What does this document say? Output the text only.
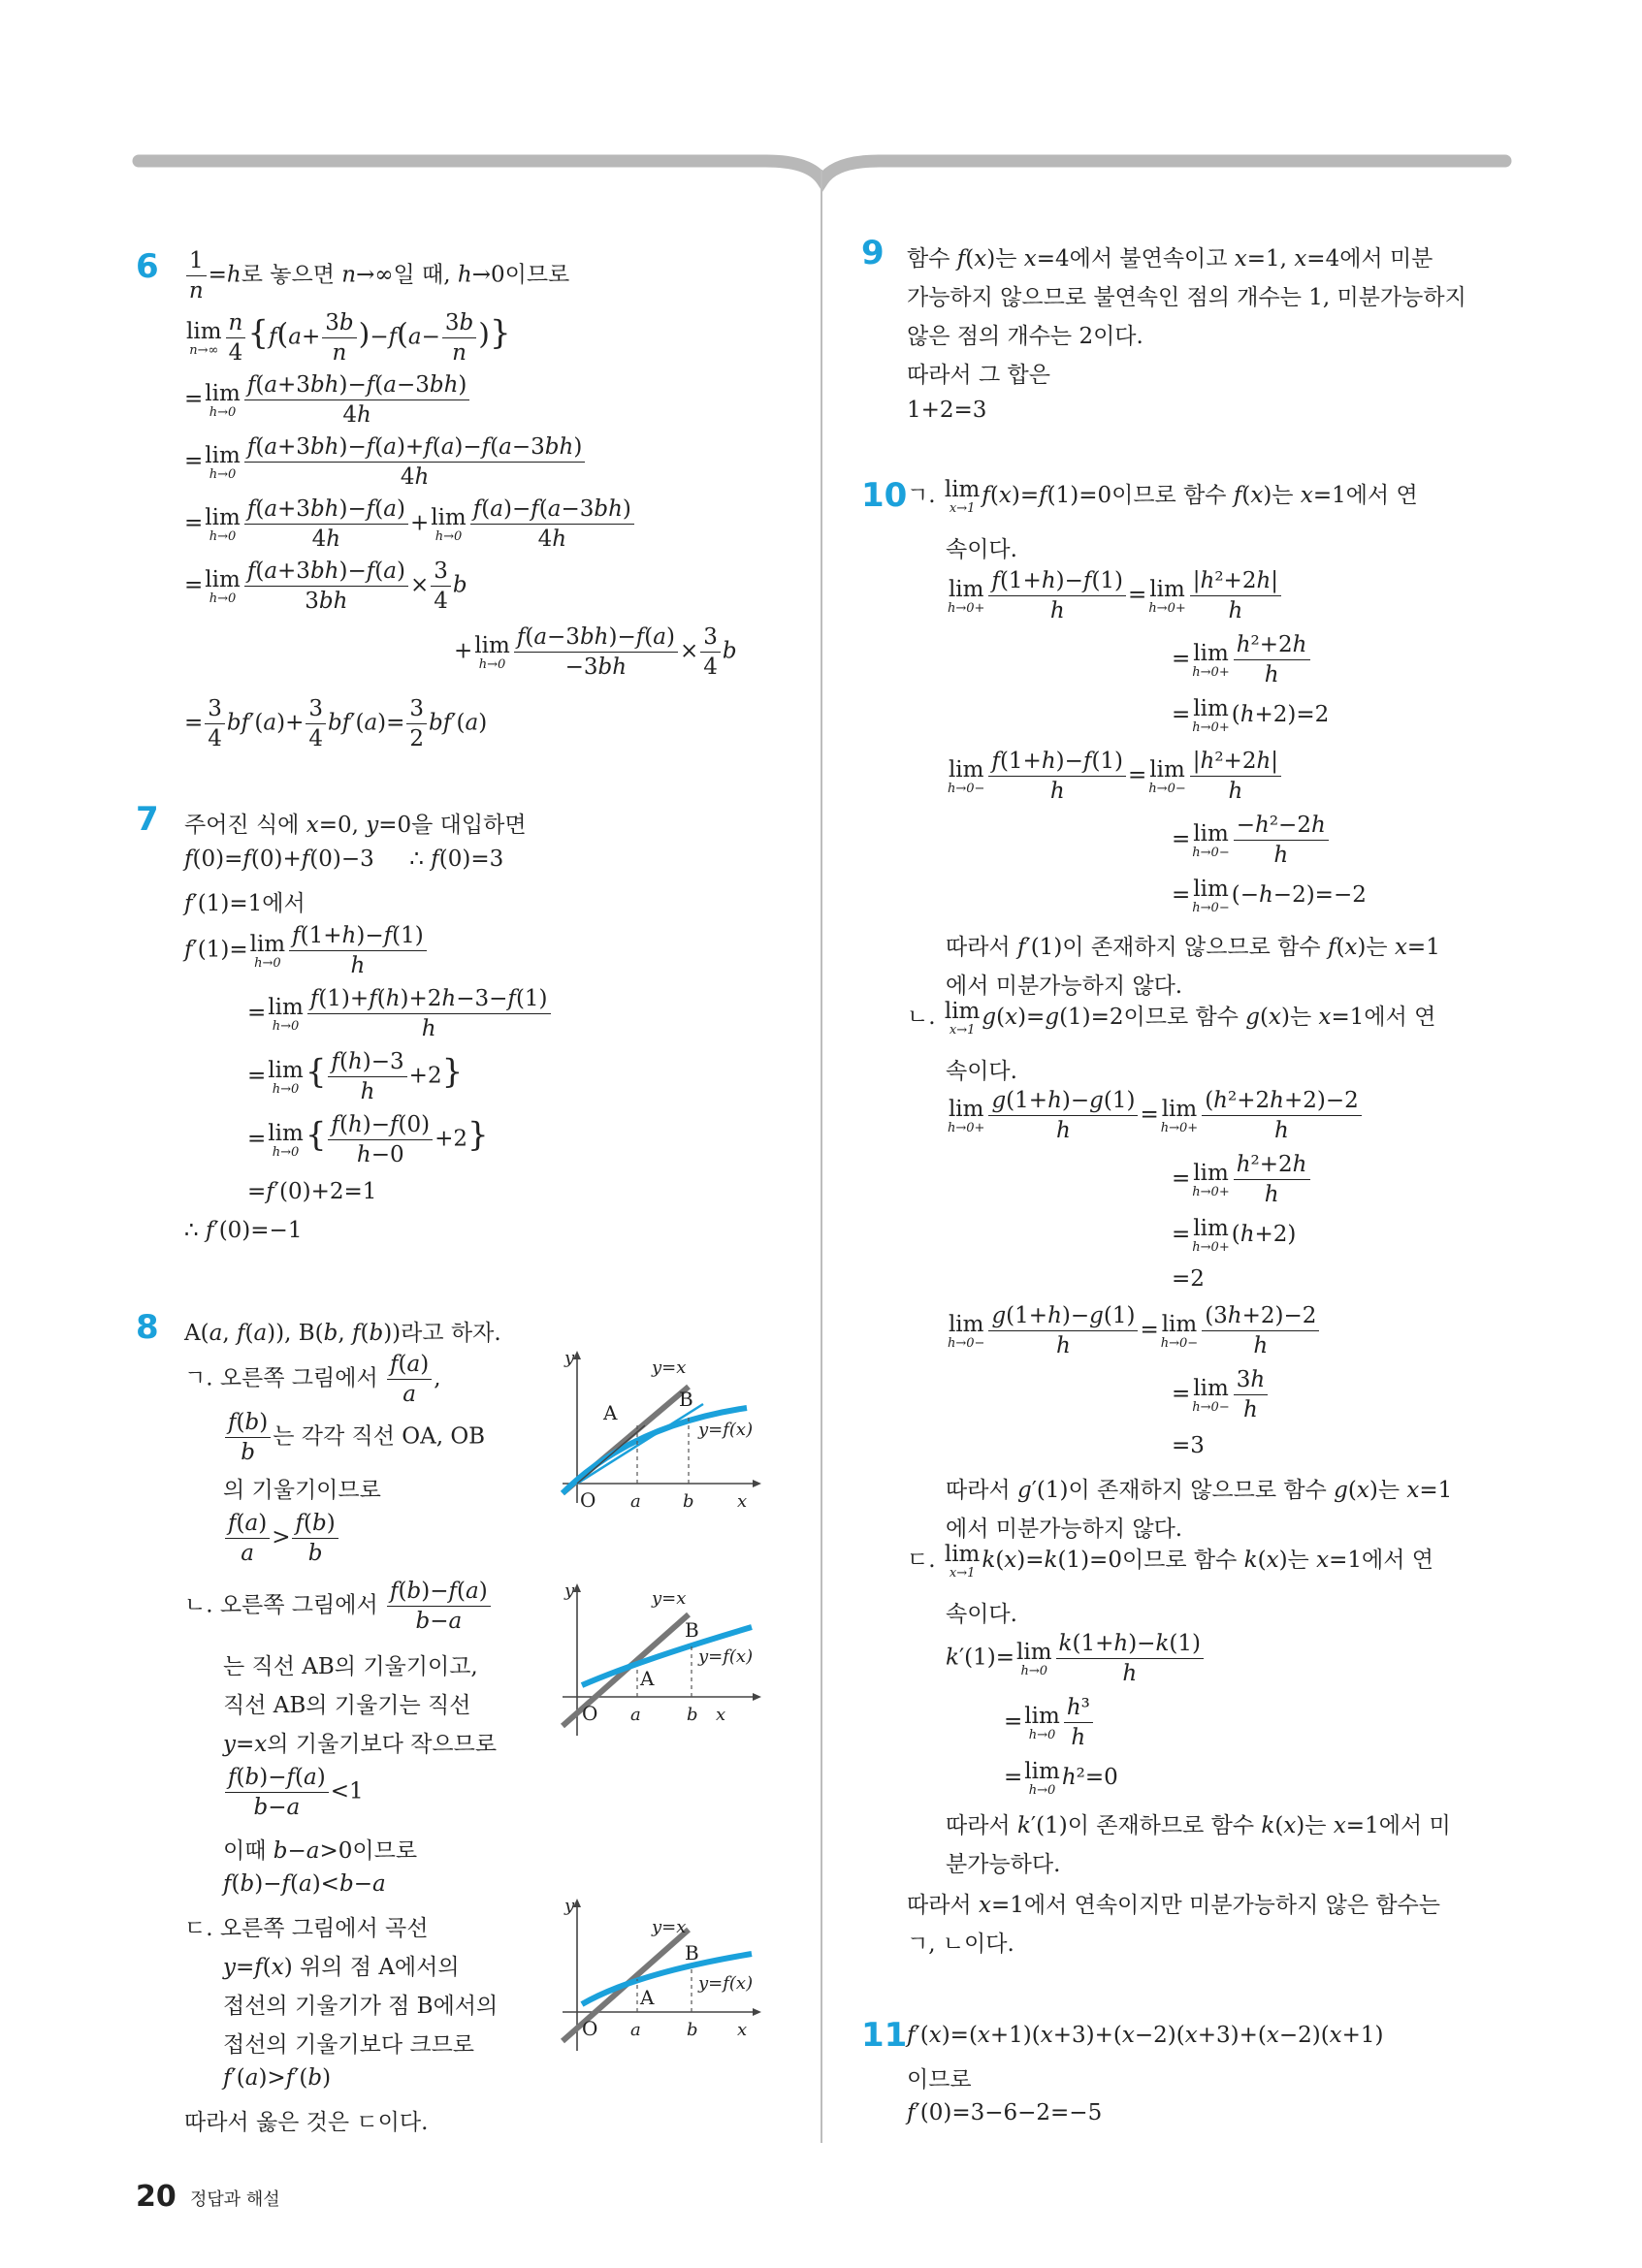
$6 \frac{1}{n} =h$로 놓으면 n→∞일 때, h→0이므로
lim
$n\to\infty \frac{n}{4} \{f(a+ \frac{3b}{n} )-f(a- \frac{3b}{n}$ )}
= lim
$h\to 0 \frac{f(a+3bh)-f(a-3bh)}{4h}$
= lim
$h\to 0 \frac{f(a+3bh)-f(a)+f(a)-f(a-3bh)}{4h}$
= lim
$h\to 0 \frac{f(a+3bh)-f(a)}{4h} + \lim$
$h\to 0 \frac{f(a)-f(a-3bh)}{4h}$
= lim
$h\to 0 \frac{f(a+3bh)-f(a)}{3bh} \times \frac{3}{4}$ b
+ lim
$h\to 0 \frac{f(a-3bh)-f(a)}{-3bh} \times \frac{3}{4}$ b
= $\frac{3}{4} bf'(a)+ \frac{3}{4} bf'(a)= \frac{3}{2} bf'(a)$
7 주어진 식에 x=0, y=0을 대입하면
f(0)=f(0)+f(0)−3     ∴ f(0)=3
f′(1)=1에서
f′(1)= lim
$h\to 0 \frac{f(1+h)-f(1)}{h}$
= lim
$h\to 0 \frac{f(1)+f(h)+2h-3-f(1)}{h}$
= lim
h→0 { $\frac{f(h)-3}{h} +2$}
= lim
h→0 { $\frac{f(h)-f(0)}{h-0} +2$}
=f′(0)+2=1
∴ f′(0)=−1
8 A(a, f(a)), B(b, f(b))라고 하자.
ㄱ. 오른쪽 그림에서 $\frac{f(a)}{a}$ ,
$\frac{f(b)}{b}$ 는 각각 직선 OA, OB
의 기울기이므로
$\frac{f(a)}{a} > \frac{f(b)}{b}$
ㄴ. 오른쪽 그림에서 $\frac{f(b)-f(a)}{b-a}$
는 직선 AB의 기울기이고,
직선 AB의 기울기는 직선
y=x의 기울기보다 작으므로
$\frac{f(b)-f(a)}{b-a} <1$
이때 b−a>0이므로
f(b)−f(a)<b−a
ㄷ. 오른쪽 그림에서 곡선
y=f(x) 위의 점 A에서의
접선의 기울기가 점 B에서의
접선의 기울기보다 크므로
f′(a)>f′(b)
따라서 옳은 것은 ㄷ이다.
y
x
O a b
A
B
y=x
y=f(x)
y
x
O a	b
A
B
y=x
y=f(x)
y
x
O a	b
A
B
y=x
y=f(x)
9 함수 f(x)는 x=4에서 불연속이고 x=1, x=4에서 미분
가능하지 않으므로 불연속인 점의 개수는 1, 미분가능하지
않은 점의 개수는 2이다.
따라서 그 합은
1+2=3
10 ㄱ. lim
x→1
f(x)=f(1)=0이므로 함수 f(x)는 x=1에서 연
속이다.
lim
$h\to 0+ \frac{f(1+h)-f(1)}{h} = \lim$
$h\to 0+ \frac{\text{|h²+2h|}}{h}$
= lim
$h\to 0+ \frac{\text{h²+2h}}{h}$
= lim
h→0+
(h+2)=2
lim
$h\to 0- \frac{f(1+h)-f(1)}{h} = \lim$
$h\to 0- \frac{\text{|h²+2h|}}{h}$
= lim
$h\to 0- \frac{\text{−h²−2h}}{h}$
= lim
h→0−
(−h−2)=−2
따라서 f′(1)이 존재하지 않으므로 함수 f(x)는 x=1
에서 미분가능하지 않다.
ㄴ. lim
x→1
g(x)=g(1)=2이므로 함수 g(x)는 x=1에서 연
속이다.
lim
$h\to 0+ \frac{g(1+h)-g(1)}{h} = \lim$
$h\to 0+ \frac{\text{(h²+2h+2)−2}}{h}$
= lim
$h\to 0+ \frac{\text{h²+2h}}{h}$
= lim
h→0+
(h+2)
=2
lim
$h\to 0- \frac{g(1+h)-g(1)}{h} = \lim$
$h\to 0- \frac{(3h+2)-2}{h}$
= lim
$h\to 0- \frac{3h}{h}$
=3
따라서 g′(1)이 존재하지 않으므로 함수 g(x)는 x=1
에서 미분가능하지 않다.
ㄷ. lim
x→1
k(x)=k(1)=0이므로 함수 k(x)는 x=1에서 연
속이다.
k′(1)= lim
$h\to 0 \frac{k(1+h)-k(1)}{h}$
= lim
$h\to 0 \frac{\text{h³}}{h}$
= lim
h→0
h²=0
따라서 k′(1)이 존재하므로 함수 k(x)는 x=1에서 미
분가능하다.
따라서 x=1에서 연속이지만 미분가능하지 않은 함수는
ㄱ, ㄴ이다.
11 f′(x)=(x+1)(x+3)+(x−2)(x+3)+(x−2)(x+1)
이므로
f′(0)=3−6−2=−5
20 정답과 해설
